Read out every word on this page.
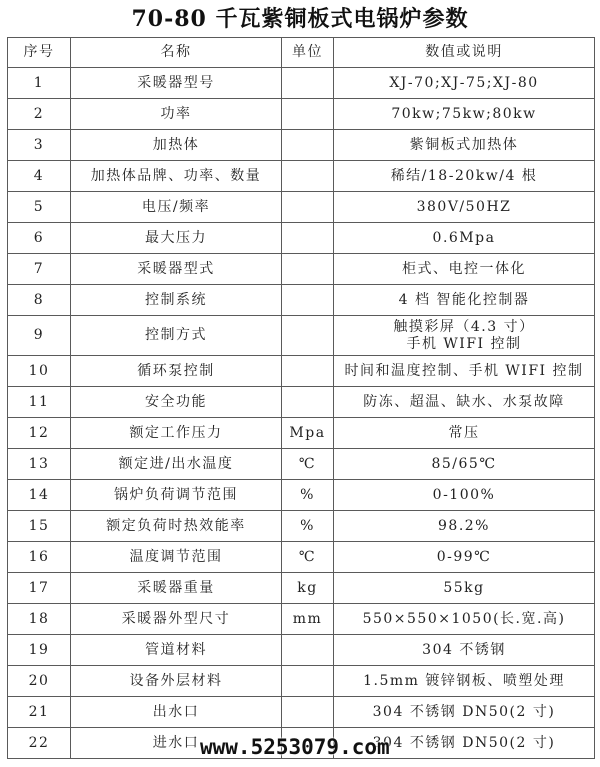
70-80 千瓦紫铜板式电锅炉参数
序号	名称	单位	数值或说明
1	采暖器型号		XJ-70;XJ-75;XJ-80

2	功率		70kw;75kw;80kw

3	加热体		紫铜板式加热体

4	加热体品牌、功率、数量		稀结/18-20kw/4 根

5	电压/频率		380V/50HZ

6	最大压力		0.6Mpa

7	采暖器型式		柜式、电控一体化

8	控制系统		4 档 智能化控制器

9	控制方式		触摸彩屏（4.3 寸）
手机 WIFI 控制

10	循环泵控制		时间和温度控制、手机 WIFI 控制

11	安全功能		防冻、超温、缺水、水泵故障

12	额定工作压力	Mpa	常压

13	额定进/出水温度	℃	85/65℃

14	锅炉负荷调节范围	%	0-100%

15	额定负荷时热效能率	%	98.2%

16	温度调节范围	℃	0-99℃

17	采暖器重量	kg	55kg

18	采暖器外型尺寸	mm	550×550×1050(长.宽.高)

19	管道材料		304 不锈钢

20	设备外层材料		1.5mm 镀锌钢板、喷塑处理

21	出水口		304 不锈钢 DN50(2 寸)

22	进水口		304 不锈钢 DN50(2 寸)
www.5253079.com
